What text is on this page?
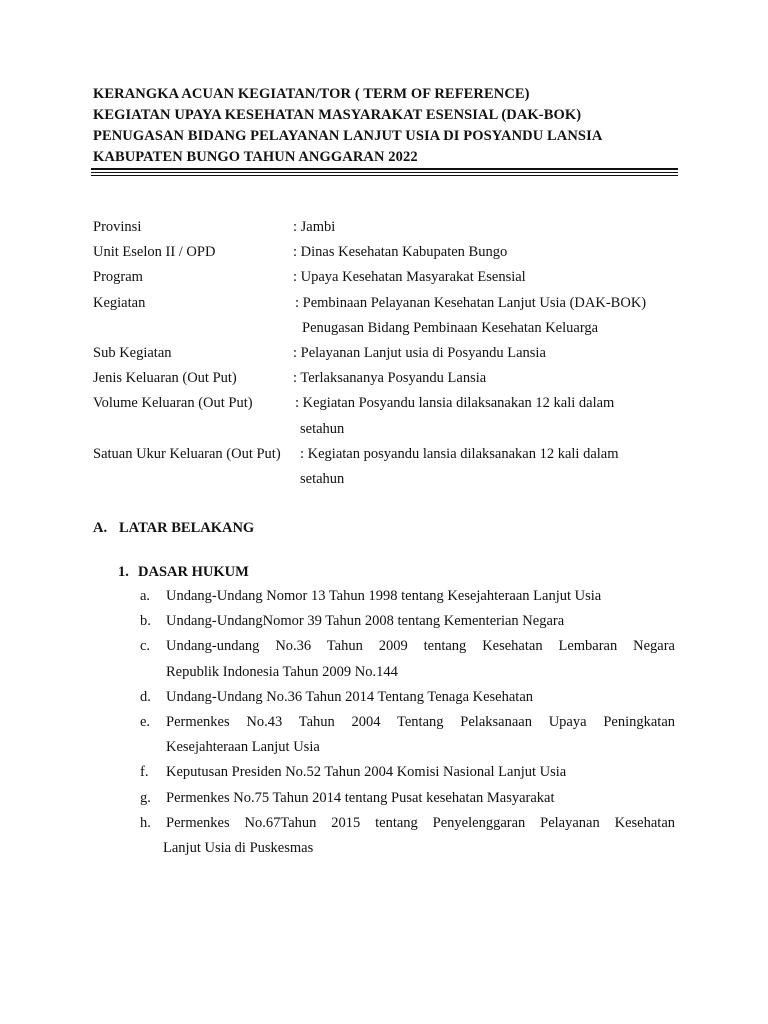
KERANGKA ACUAN KEGIATAN/TOR ( TERM OF REFERENCE)
KEGIATAN UPAYA KESEHATAN MASYARAKAT ESENSIAL (DAK-BOK)
PENUGASAN BIDANG PELAYANAN LANJUT USIA DI POSYANDU LANSIA
KABUPATEN BUNGO TAHUN ANGGARAN 2022
Provinsi	: Jambi
Unit Eselon II / OPD	: Dinas Kesehatan Kabupaten Bungo
Program	: Upaya Kesehatan Masyarakat Esensial
Kegiatan	: Pembinaan Pelayanan Kesehatan Lanjut Usia (DAK-BOK)
Penugasan Bidang Pembinaan Kesehatan Keluarga
Sub Kegiatan	: Pelayanan Lanjut usia di Posyandu Lansia
Jenis Keluaran (Out Put)	: Terlaksananya Posyandu Lansia
Volume Keluaran (Out Put)	: Kegiatan Posyandu lansia dilaksanakan 12 kali dalam
setahun
Satuan Ukur Keluaran (Out Put) : Kegiatan posyandu lansia dilaksanakan 12 kali dalam
setahun
A. LATAR BELAKANG
1. DASAR HUKUM
a. Undang-Undang Nomor 13 Tahun 1998 tentang Kesejahteraan Lanjut Usia
b. Undang-UndangNomor 39 Tahun 2008 tentang Kementerian Negara
c. Undang-undang No.36 Tahun 2009 tentang Kesehatan Lembaran Negara
Republik Indonesia Tahun 2009 No.144
d. Undang-Undang No.36 Tahun 2014 Tentang Tenaga Kesehatan
e. Permenkes No.43 Tahun 2004 Tentang Pelaksanaan Upaya Peningkatan
Kesejahteraan Lanjut Usia
f. Keputusan Presiden No.52 Tahun 2004 Komisi Nasional Lanjut Usia
g. Permenkes No.75 Tahun 2014 tentang Pusat kesehatan Masyarakat
h. Permenkes No.67Tahun 2015 tentang Penyelenggaran Pelayanan Kesehatan
Lanjut Usia di Puskesmas
